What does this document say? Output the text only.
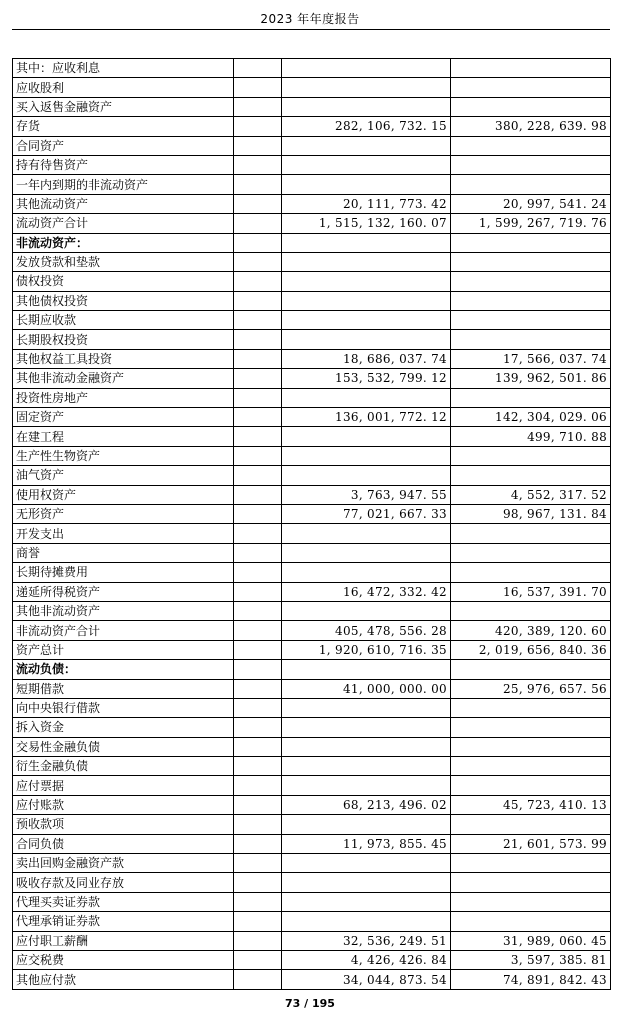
2023 年年度报告
其中：应收利息			
应收股利			
买入返售金融资产			
存货		282, 106, 732. 15	380, 228, 639. 98
合同资产			
持有待售资产			
一年内到期的非流动资产			
其他流动资产		20, 111, 773. 42	20, 997, 541. 24
流动资产合计		1, 515, 132, 160. 07	1, 599, 267, 719. 76
非流动资产：			
发放贷款和垫款			
债权投资			
其他债权投资			
长期应收款			
长期股权投资			
其他权益工具投资		18, 686, 037. 74	17, 566, 037. 74
其他非流动金融资产		153, 532, 799. 12	139, 962, 501. 86
投资性房地产			
固定资产		136, 001, 772. 12	142, 304, 029. 06
在建工程			499, 710. 88
生产性生物资产			
油气资产			
使用权资产		3, 763, 947. 55	4, 552, 317. 52
无形资产		77, 021, 667. 33	98, 967, 131. 84
开发支出			
商誉			
长期待摊费用			
递延所得税资产		16, 472, 332. 42	16, 537, 391. 70
其他非流动资产			
非流动资产合计		405, 478, 556. 28	420, 389, 120. 60
资产总计		1, 920, 610, 716. 35	2, 019, 656, 840. 36
流动负债：			
短期借款		41, 000, 000. 00	25, 976, 657. 56
向中央银行借款			
拆入资金			
交易性金融负债			
衍生金融负债			
应付票据			
应付账款		68, 213, 496. 02	45, 723, 410. 13
预收款项			
合同负债		11, 973, 855. 45	21, 601, 573. 99
卖出回购金融资产款			
吸收存款及同业存放			
代理买卖证券款			
代理承销证券款			
应付职工薪酬		32, 536, 249. 51	31, 989, 060. 45
应交税费		4, 426, 426. 84	3, 597, 385. 81
其他应付款		34, 044, 873. 54	74, 891, 842. 43
73 / 195
